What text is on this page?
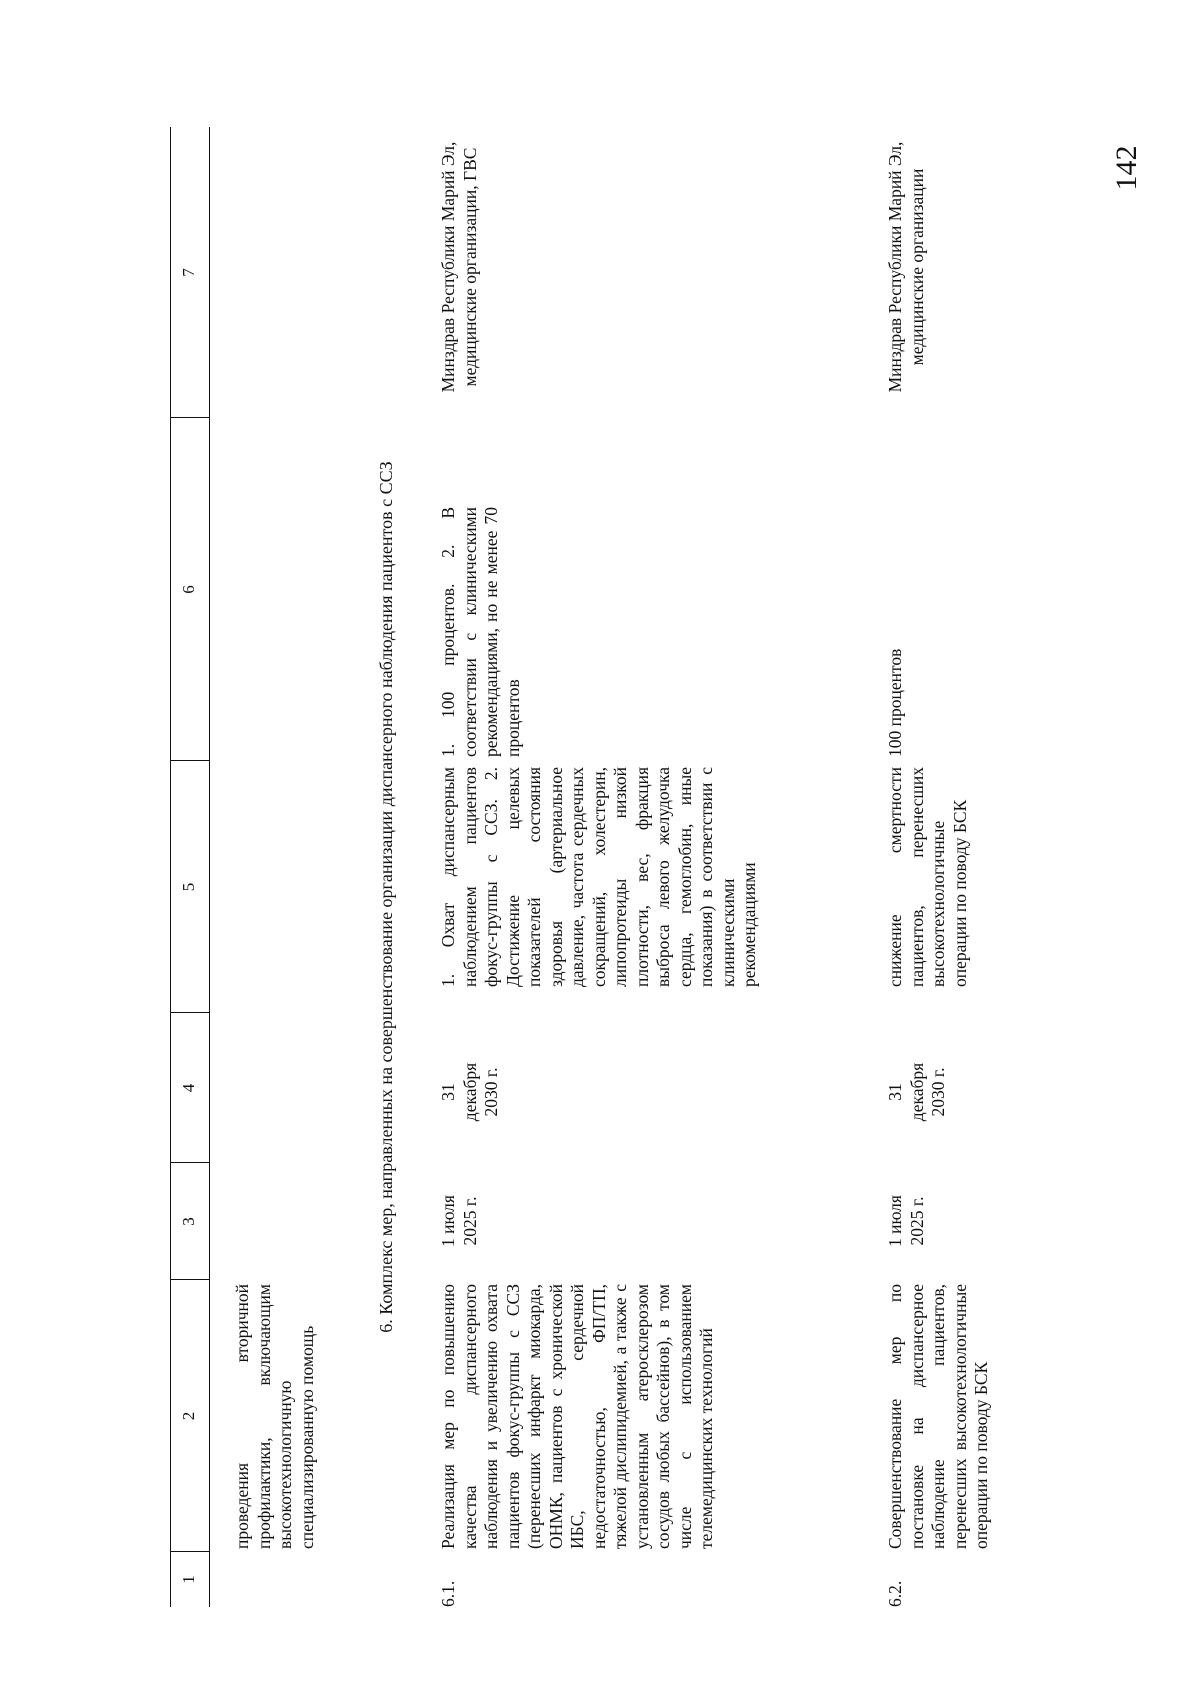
142
1
2
3
4
5
6
7
проведения вторичной профилактики, включающим высокотехнологичную специализированную помощь
6. Комплекс мер, направленных на совершенствование организации диспансерного наблюдения пациентов с ССЗ
6.1.
Реализация мер по повышению качества диспансерного наблюдения и увеличению охвата пациентов фокус-группы с ССЗ (перенесших инфаркт миокарда, ОНМК, пациентов с хронической ИБС, сердечной недостаточностью, ФП/ТП, тяжелой дислипидемией, а также с установленным атеросклерозом сосудов любых бассейнов), в том числе с использованием телемедицинских технологий
1 июля 2025 г.
31 декабря 2030 г.
1. Охват диспансерным наблюдением пациентов фокус-группы с ССЗ. 2. Достижение целевых показателей состояния здоровья (артериальное давление, частота сердечных сокращений, холестерин, липопротеиды низкой плотности, вес, фракция выброса левого желудочка сердца, гемоглобин, иные показания) в соответствии с клиническими рекомендациями
1. 100 процентов. 2. В соответствии с клиническими рекомендациями, но не менее 70 процентов
Минздрав Республики Марий Эл, медицинские организации, ГВС
6.2.
Совершенствование мер по постановке на диспансерное наблюдение пациентов, перенесших высокотехнологичные операции по поводу БСК
1 июля 2025 г.
31 декабря 2030 г.
снижение смертности пациентов, перенесших высокотехнологичные операции по поводу БСК
100 процентов
Минздрав Республики Марий Эл, медицинские организации
